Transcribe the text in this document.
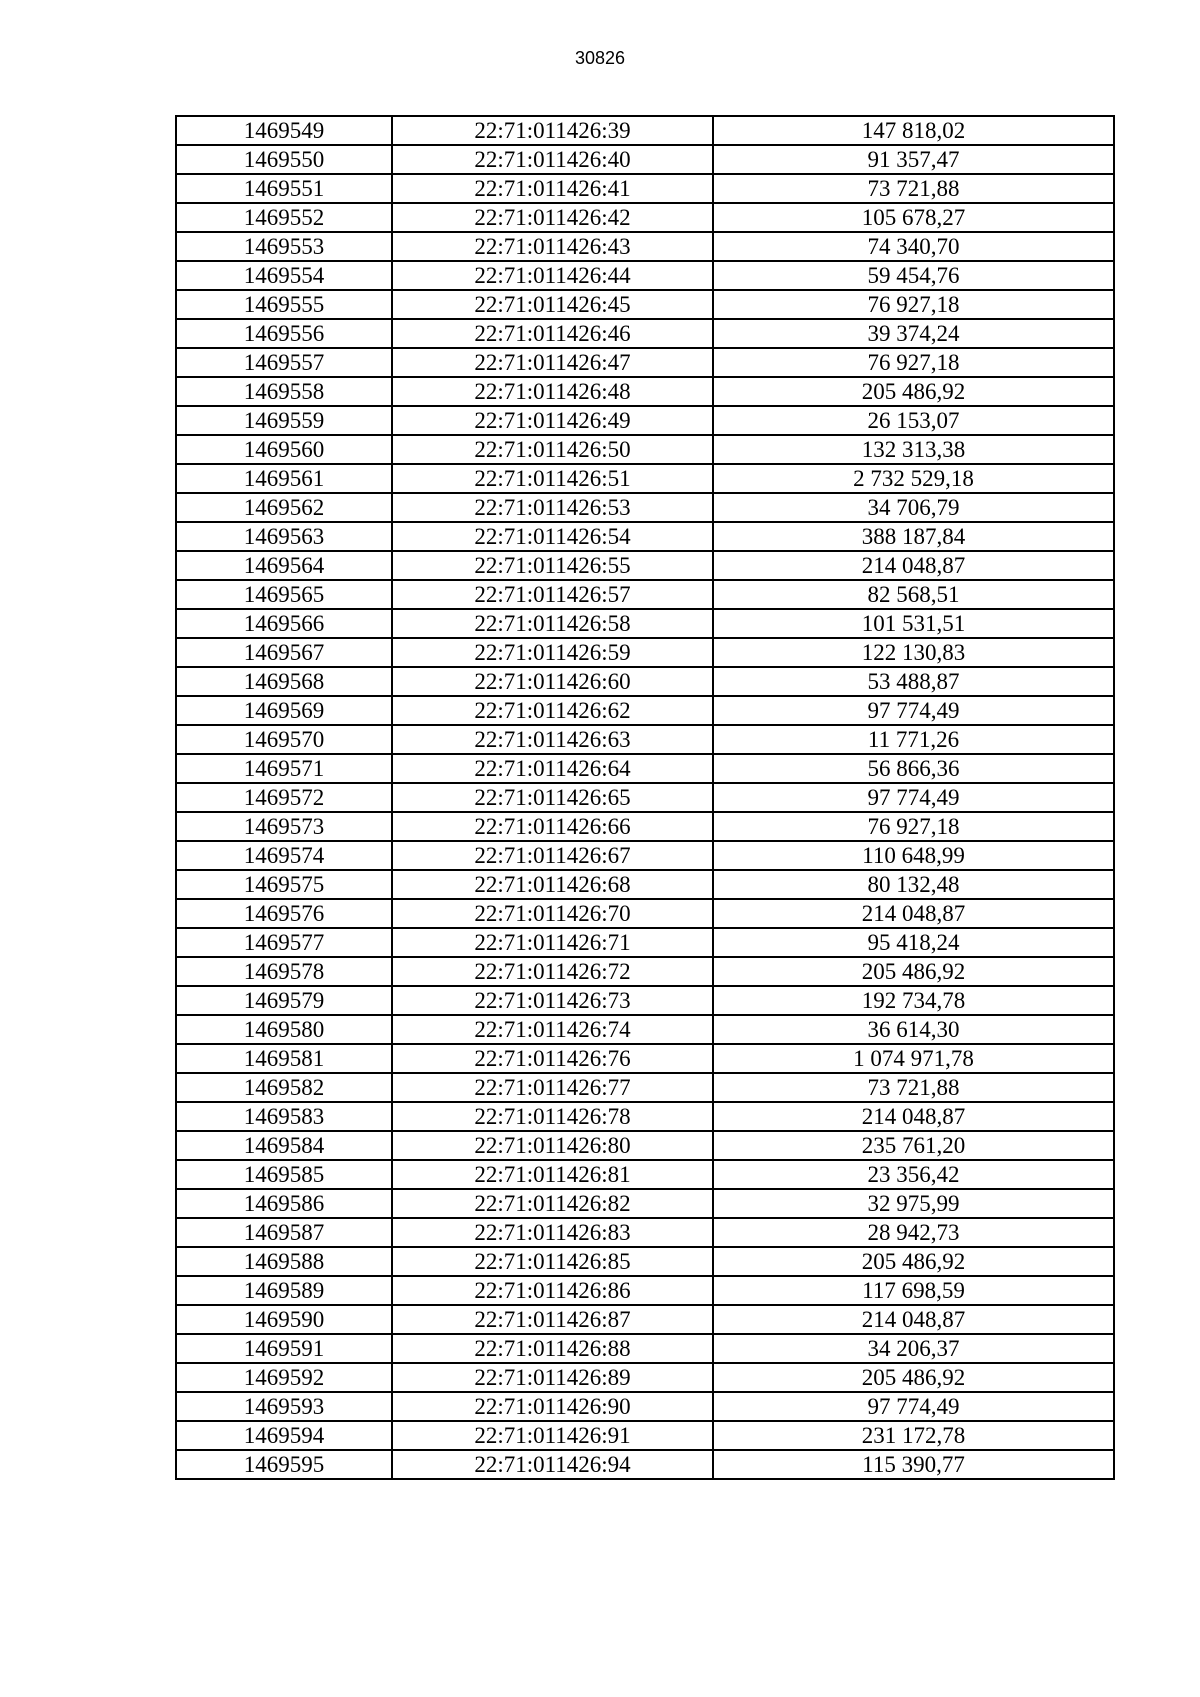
30826
1469549	22:71:011426:39	147 818,02
1469550	22:71:011426:40	91 357,47
1469551	22:71:011426:41	73 721,88
1469552	22:71:011426:42	105 678,27
1469553	22:71:011426:43	74 340,70
1469554	22:71:011426:44	59 454,76
1469555	22:71:011426:45	76 927,18
1469556	22:71:011426:46	39 374,24
1469557	22:71:011426:47	76 927,18
1469558	22:71:011426:48	205 486,92
1469559	22:71:011426:49	26 153,07
1469560	22:71:011426:50	132 313,38
1469561	22:71:011426:51	2 732 529,18
1469562	22:71:011426:53	34 706,79
1469563	22:71:011426:54	388 187,84
1469564	22:71:011426:55	214 048,87
1469565	22:71:011426:57	82 568,51
1469566	22:71:011426:58	101 531,51
1469567	22:71:011426:59	122 130,83
1469568	22:71:011426:60	53 488,87
1469569	22:71:011426:62	97 774,49
1469570	22:71:011426:63	11 771,26
1469571	22:71:011426:64	56 866,36
1469572	22:71:011426:65	97 774,49
1469573	22:71:011426:66	76 927,18
1469574	22:71:011426:67	110 648,99
1469575	22:71:011426:68	80 132,48
1469576	22:71:011426:70	214 048,87
1469577	22:71:011426:71	95 418,24
1469578	22:71:011426:72	205 486,92
1469579	22:71:011426:73	192 734,78
1469580	22:71:011426:74	36 614,30
1469581	22:71:011426:76	1 074 971,78
1469582	22:71:011426:77	73 721,88
1469583	22:71:011426:78	214 048,87
1469584	22:71:011426:80	235 761,20
1469585	22:71:011426:81	23 356,42
1469586	22:71:011426:82	32 975,99
1469587	22:71:011426:83	28 942,73
1469588	22:71:011426:85	205 486,92
1469589	22:71:011426:86	117 698,59
1469590	22:71:011426:87	214 048,87
1469591	22:71:011426:88	34 206,37
1469592	22:71:011426:89	205 486,92
1469593	22:71:011426:90	97 774,49
1469594	22:71:011426:91	231 172,78
1469595	22:71:011426:94	115 390,77
